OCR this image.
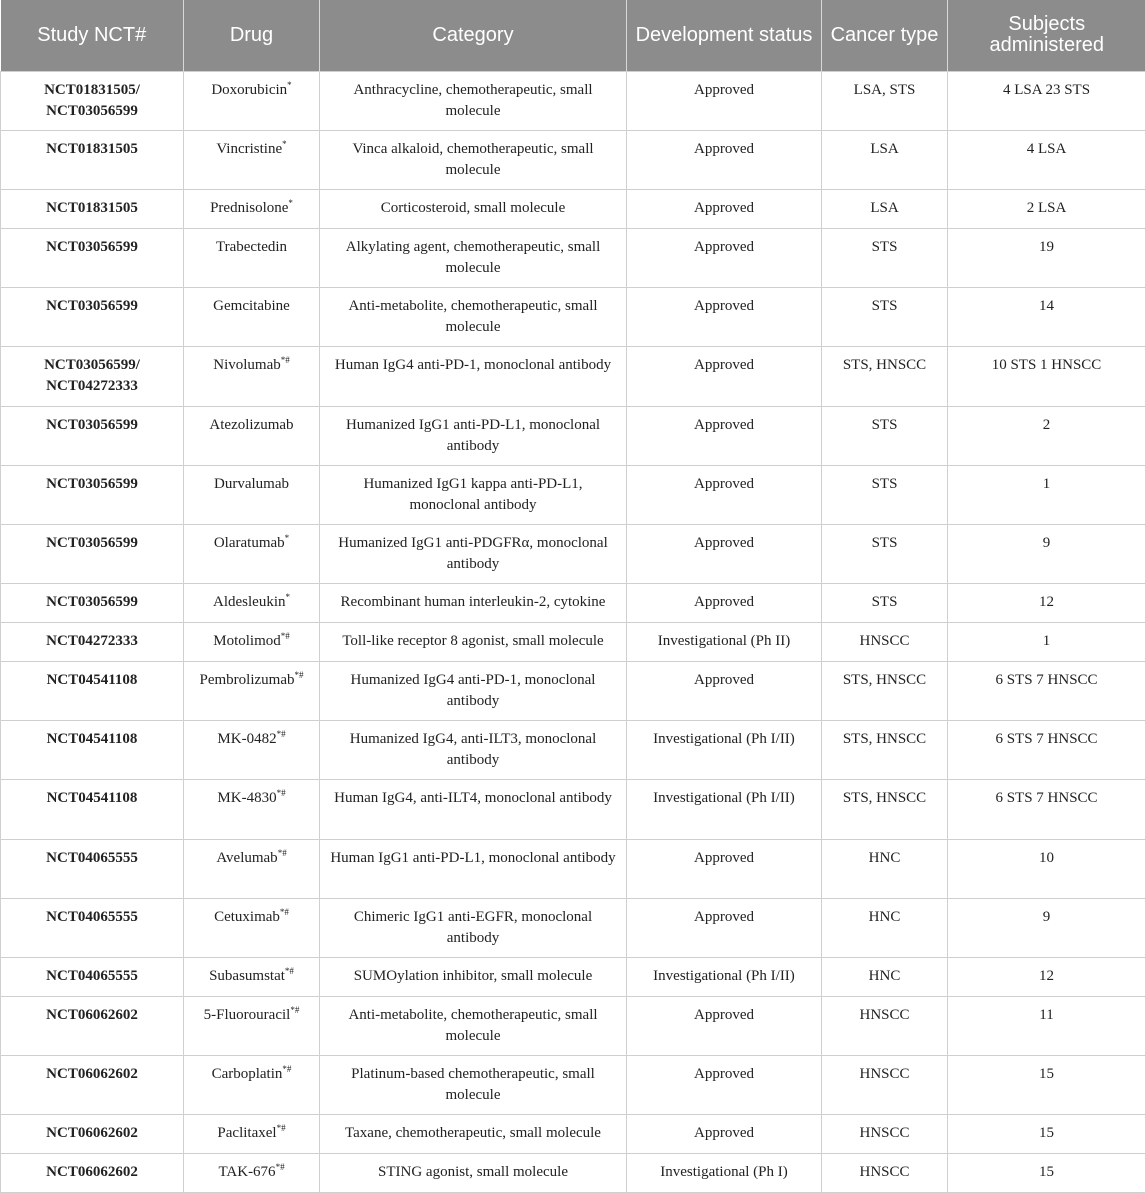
Study NCT#	Drug	Category	Development status	Cancer type	Subjects administered
NCT01831505/ NCT03056599	Doxorubicin*	Anthracycline, chemotherapeutic, small molecule	Approved	LSA, STS	4 LSA 23 STS
NCT01831505	Vincristine*	Vinca alkaloid, chemotherapeutic, small molecule	Approved	LSA	4 LSA
NCT01831505	Prednisolone*	Corticosteroid, small molecule	Approved	LSA	2 LSA
NCT03056599	Trabectedin	Alkylating agent, chemotherapeutic, small molecule	Approved	STS	19
NCT03056599	Gemcitabine	Anti-metabolite, chemotherapeutic, small molecule	Approved	STS	14
NCT03056599/ NCT04272333	Nivolumab*#	Human IgG4 anti-PD-1, monoclonal antibody	Approved	STS, HNSCC	10 STS 1 HNSCC
NCT03056599	Atezolizumab	Humanized IgG1 anti-PD-L1, monoclonal antibody	Approved	STS	2
NCT03056599	Durvalumab	Humanized IgG1 kappa anti-PD-L1, monoclonal antibody	Approved	STS	1
NCT03056599	Olaratumab*	Humanized IgG1 anti-PDGFRα, monoclonal antibody	Approved	STS	9
NCT03056599	Aldesleukin*	Recombinant human interleukin-2, cytokine	Approved	STS	12
NCT04272333	Motolimod*#	Toll-like receptor 8 agonist, small molecule	Investigational (Ph II)	HNSCC	1
NCT04541108	Pembrolizumab*#	Humanized IgG4 anti-PD-1, monoclonal antibody	Approved	STS, HNSCC	6 STS 7 HNSCC
NCT04541108	MK-0482*#	Humanized IgG4, anti-ILT3, monoclonal antibody	Investigational (Ph I/II)	STS, HNSCC	6 STS 7 HNSCC
NCT04541108	MK-4830*#	Human IgG4, anti-ILT4, monoclonal antibody	Investigational (Ph I/II)	STS, HNSCC	6 STS 7 HNSCC
NCT04065555	Avelumab*#	Human IgG1 anti-PD-L1, monoclonal antibody	Approved	HNC	10
NCT04065555	Cetuximab*#	Chimeric IgG1 anti-EGFR, monoclonal antibody	Approved	HNC	9
NCT04065555	Subasumstat*#	SUMOylation inhibitor, small molecule	Investigational (Ph I/II)	HNC	12
NCT06062602	5-Fluorouracil*#	Anti-metabolite, chemotherapeutic, small molecule	Approved	HNSCC	11
NCT06062602	Carboplatin*#	Platinum-based chemotherapeutic, small molecule	Approved	HNSCC	15
NCT06062602	Paclitaxel*#	Taxane, chemotherapeutic, small molecule	Approved	HNSCC	15
NCT06062602	TAK-676*#	STING agonist, small molecule	Investigational (Ph I)	HNSCC	15
